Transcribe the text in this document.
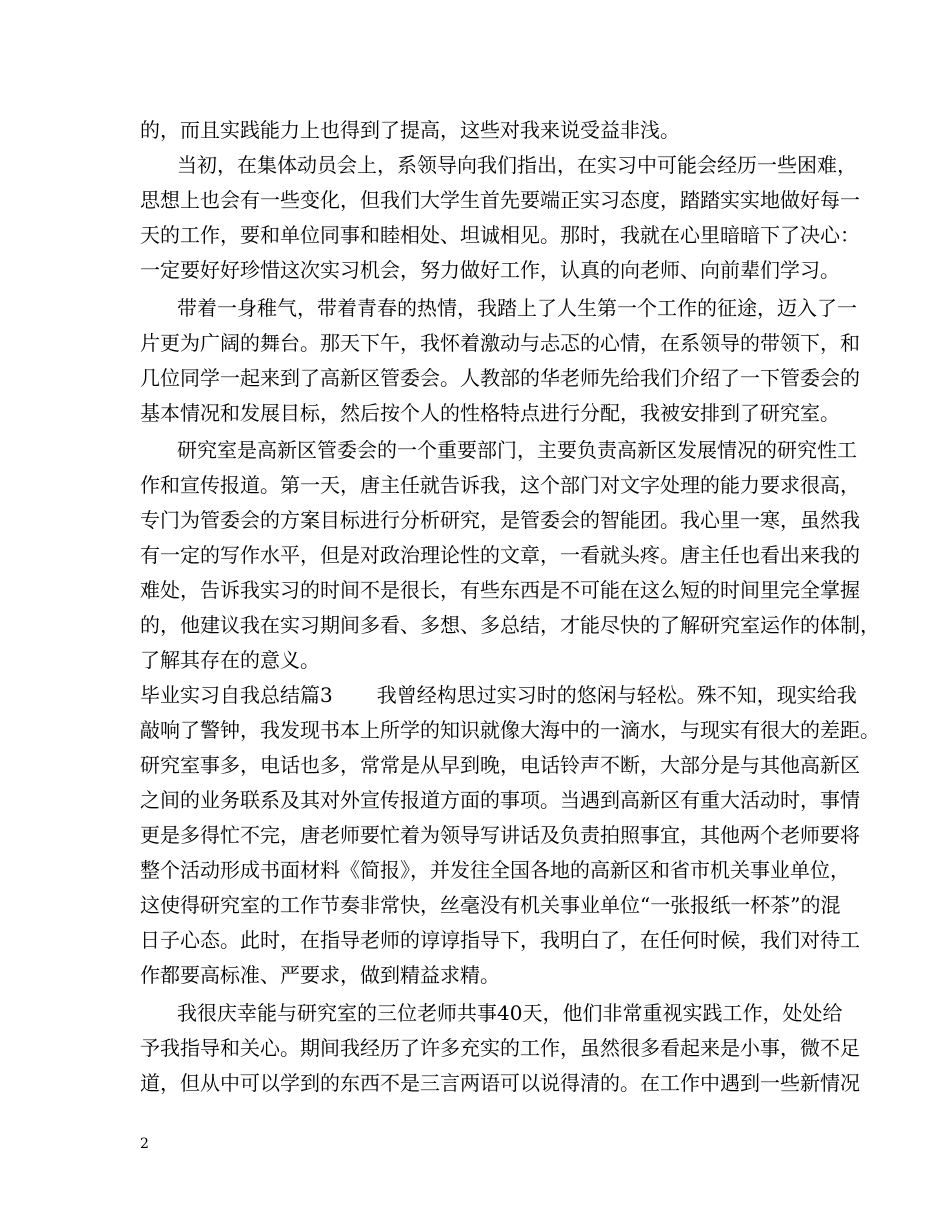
的，而且实践能力上也得到了提高，这些对我来说受益非浅。

当初，在集体动员会上，系领导向我们指出，在实习中可能会经历一些困难，

思想上也会有一些变化，但我们大学生首先要端正实习态度，踏踏实实地做好每一

天的工作，要和单位同事和睦相处、坦诚相见。那时，我就在心里暗暗下了决心：

一定要好好珍惜这次实习机会，努力做好工作，认真的向老师、向前辈们学习。

带着一身稚气，带着青春的热情，我踏上了人生第一个工作的征途，迈入了一

片更为广阔的舞台。那天下午，我怀着激动与忐忑的心情，在系领导的带领下，和

几位同学一起来到了高新区管委会。人教部的华老师先给我们介绍了一下管委会的

基本情况和发展目标，然后按个人的性格特点进行分配，我被安排到了研究室。

研究室是高新区管委会的一个重要部门，主要负责高新区发展情况的研究性工

作和宣传报道。第一天，唐主任就告诉我，这个部门对文字处理的能力要求很高，

专门为管委会的方案目标进行分析研究，是管委会的智能团。我心里一寒，虽然我

有一定的写作水平，但是对政治理论性的文章，一看就头疼。唐主任也看出来我的

难处，告诉我实习的时间不是很长，有些东西是不可能在这么短的时间里完全掌握

的，他建议我在实习期间多看、多想、多总结，才能尽快的了解研究室运作的体制，

了解其存在的意义。

毕业实习自我总结篇3 我曾经构思过实习时的悠闲与轻松。殊不知，现实给我

敲响了警钟，我发现书本上所学的知识就像大海中的一滴水，与现实有很大的差距。

研究室事多，电话也多，常常是从早到晚，电话铃声不断，大部分是与其他高新区

之间的业务联系及其对外宣传报道方面的事项。当遇到高新区有重大活动时，事情

更是多得忙不完，唐老师要忙着为领导写讲话及负责拍照事宜，其他两个老师要将

整个活动形成书面材料《简报》，并发往全国各地的高新区和省市机关事业单位，

这使得研究室的工作节奏非常快，丝毫没有机关事业单位“一张报纸一杯茶”的混

日子心态。此时，在指导老师的谆谆指导下，我明白了，在任何时候，我们对待工

作都要高标准、严要求，做到精益求精。

我很庆幸能与研究室的三位老师共事40天，他们非常重视实践工作，处处给

予我指导和关心。期间我经历了许多充实的工作，虽然很多看起来是小事，微不足

道，但从中可以学到的东西不是三言两语可以说得清的。在工作中遇到一些新情况

2
